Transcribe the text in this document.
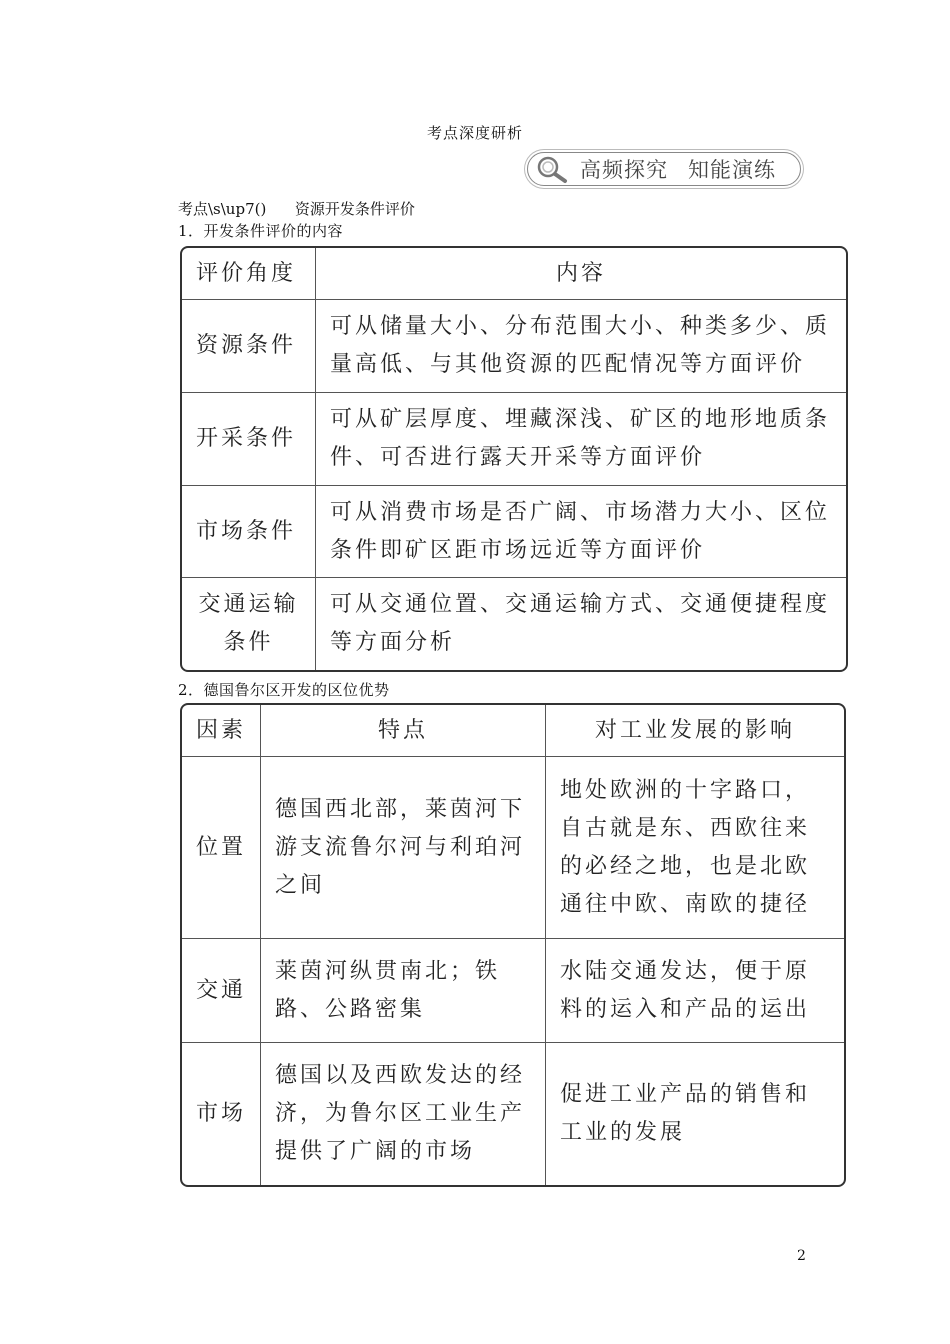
考点深度研析
高频探究 知能演练
考点\s\up7()      资源开发条件评价
1．开发条件评价的内容
评价角度	内容
资源条件	可从储量大小、分布范围大小、种类多少、质量高低、与其他资源的匹配情况等方面评价
开采条件	可从矿层厚度、埋藏深浅、矿区的地形地质条件、可否进行露天开采等方面评价
市场条件	可从消费市场是否广阔、市场潜力大小、区位条件即矿区距市场远近等方面评价
交通运输条件	可从交通位置、交通运输方式、交通便捷程度等方面分析
2．德国鲁尔区开发的区位优势
因素	特点	对工业发展的影响
位置	德国西北部，莱茵河下游支流鲁尔河与利珀河之间	地处欧洲的十字路口，自古就是东、西欧往来的必经之地，也是北欧通往中欧、南欧的捷径
交通	莱茵河纵贯南北；铁路、公路密集	水陆交通发达，便于原料的运入和产品的运出
市场	德国以及西欧发达的经济，为鲁尔区工业生产提供了广阔的市场	促进工业产品的销售和工业的发展
2
